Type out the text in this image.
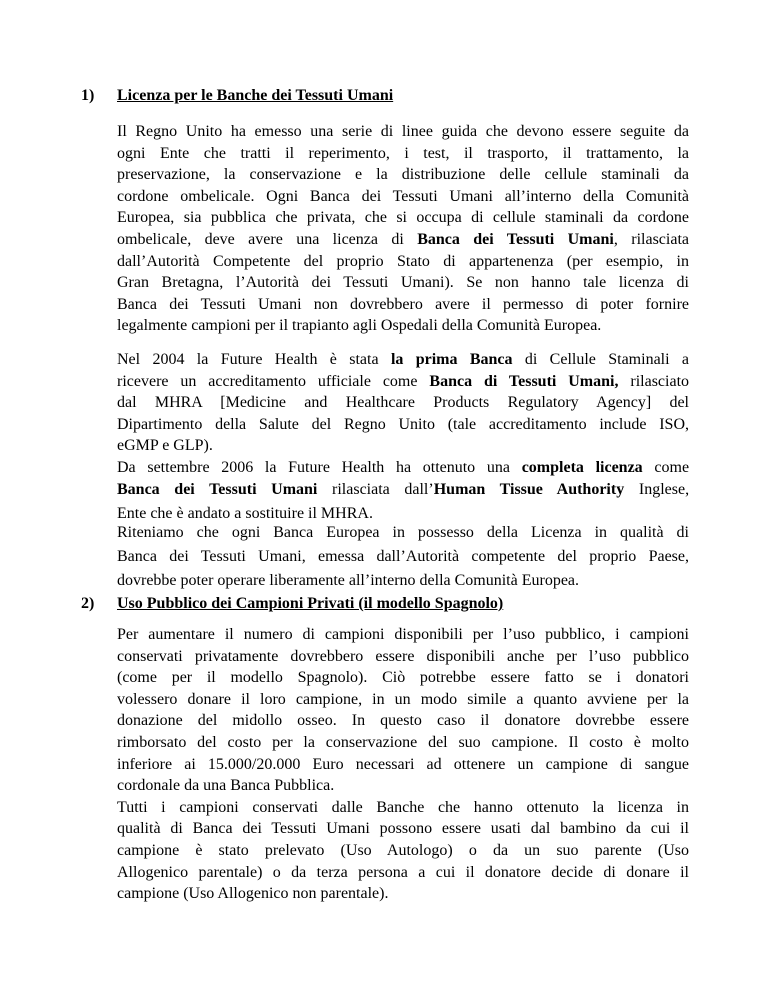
1) Licenza per le Banche dei Tessuti Umani
Il Regno Unito ha emesso una serie di linee guida che devono essere seguite da
ogni Ente che tratti il reperimento, i test, il trasporto, il trattamento, la
preservazione, la conservazione e la distribuzione delle cellule staminali da
cordone ombelicale. Ogni Banca dei Tessuti Umani all’interno della Comunità
Europea, sia pubblica che privata, che si occupa di cellule staminali da cordone
ombelicale, deve avere una licenza di Banca dei Tessuti Umani, rilasciata
dall’Autorità Competente del proprio Stato di appartenenza (per esempio, in
Gran Bretagna, l’Autorità dei Tessuti Umani). Se non hanno tale licenza di
Banca dei Tessuti Umani non dovrebbero avere il permesso di poter fornire
legalmente campioni per il trapianto agli Ospedali della Comunità Europea.
Nel 2004 la Future Health è stata la prima Banca di Cellule Staminali a
ricevere un accreditamento ufficiale come Banca di Tessuti Umani, rilasciato
dal MHRA [Medicine and Healthcare Products Regulatory Agency] del
Dipartimento della Salute del Regno Unito (tale accreditamento include ISO,
eGMP e GLP).
Da settembre 2006 la Future Health ha ottenuto una completa licenza come
Banca dei Tessuti Umani rilasciata dall’Human Tissue Authority Inglese,
Ente che è andato a sostituire il MHRA.
Riteniamo che ogni Banca Europea in possesso della Licenza in qualità di
Banca dei Tessuti Umani, emessa dall’Autorità competente del proprio Paese,
dovrebbe poter operare liberamente all’interno della Comunità Europea.
2) Uso Pubblico dei Campioni Privati (il modello Spagnolo)
Per aumentare il numero di campioni disponibili per l’uso pubblico, i campioni
conservati privatamente dovrebbero essere disponibili anche per l’uso pubblico
(come per il modello Spagnolo). Ciò potrebbe essere fatto se i donatori
volessero donare il loro campione, in un modo simile a quanto avviene per la
donazione del midollo osseo. In questo caso il donatore dovrebbe essere
rimborsato del costo per la conservazione del suo campione. Il costo è molto
inferiore ai 15.000/20.000 Euro necessari ad ottenere un campione di sangue
cordonale da una Banca Pubblica.
Tutti i campioni conservati dalle Banche che hanno ottenuto la licenza in
qualità di Banca dei Tessuti Umani possono essere usati dal bambino da cui il
campione è stato prelevato (Uso Autologo) o da un suo parente (Uso
Allogenico parentale) o da terza persona a cui il donatore decide di donare il
campione (Uso Allogenico non parentale).
